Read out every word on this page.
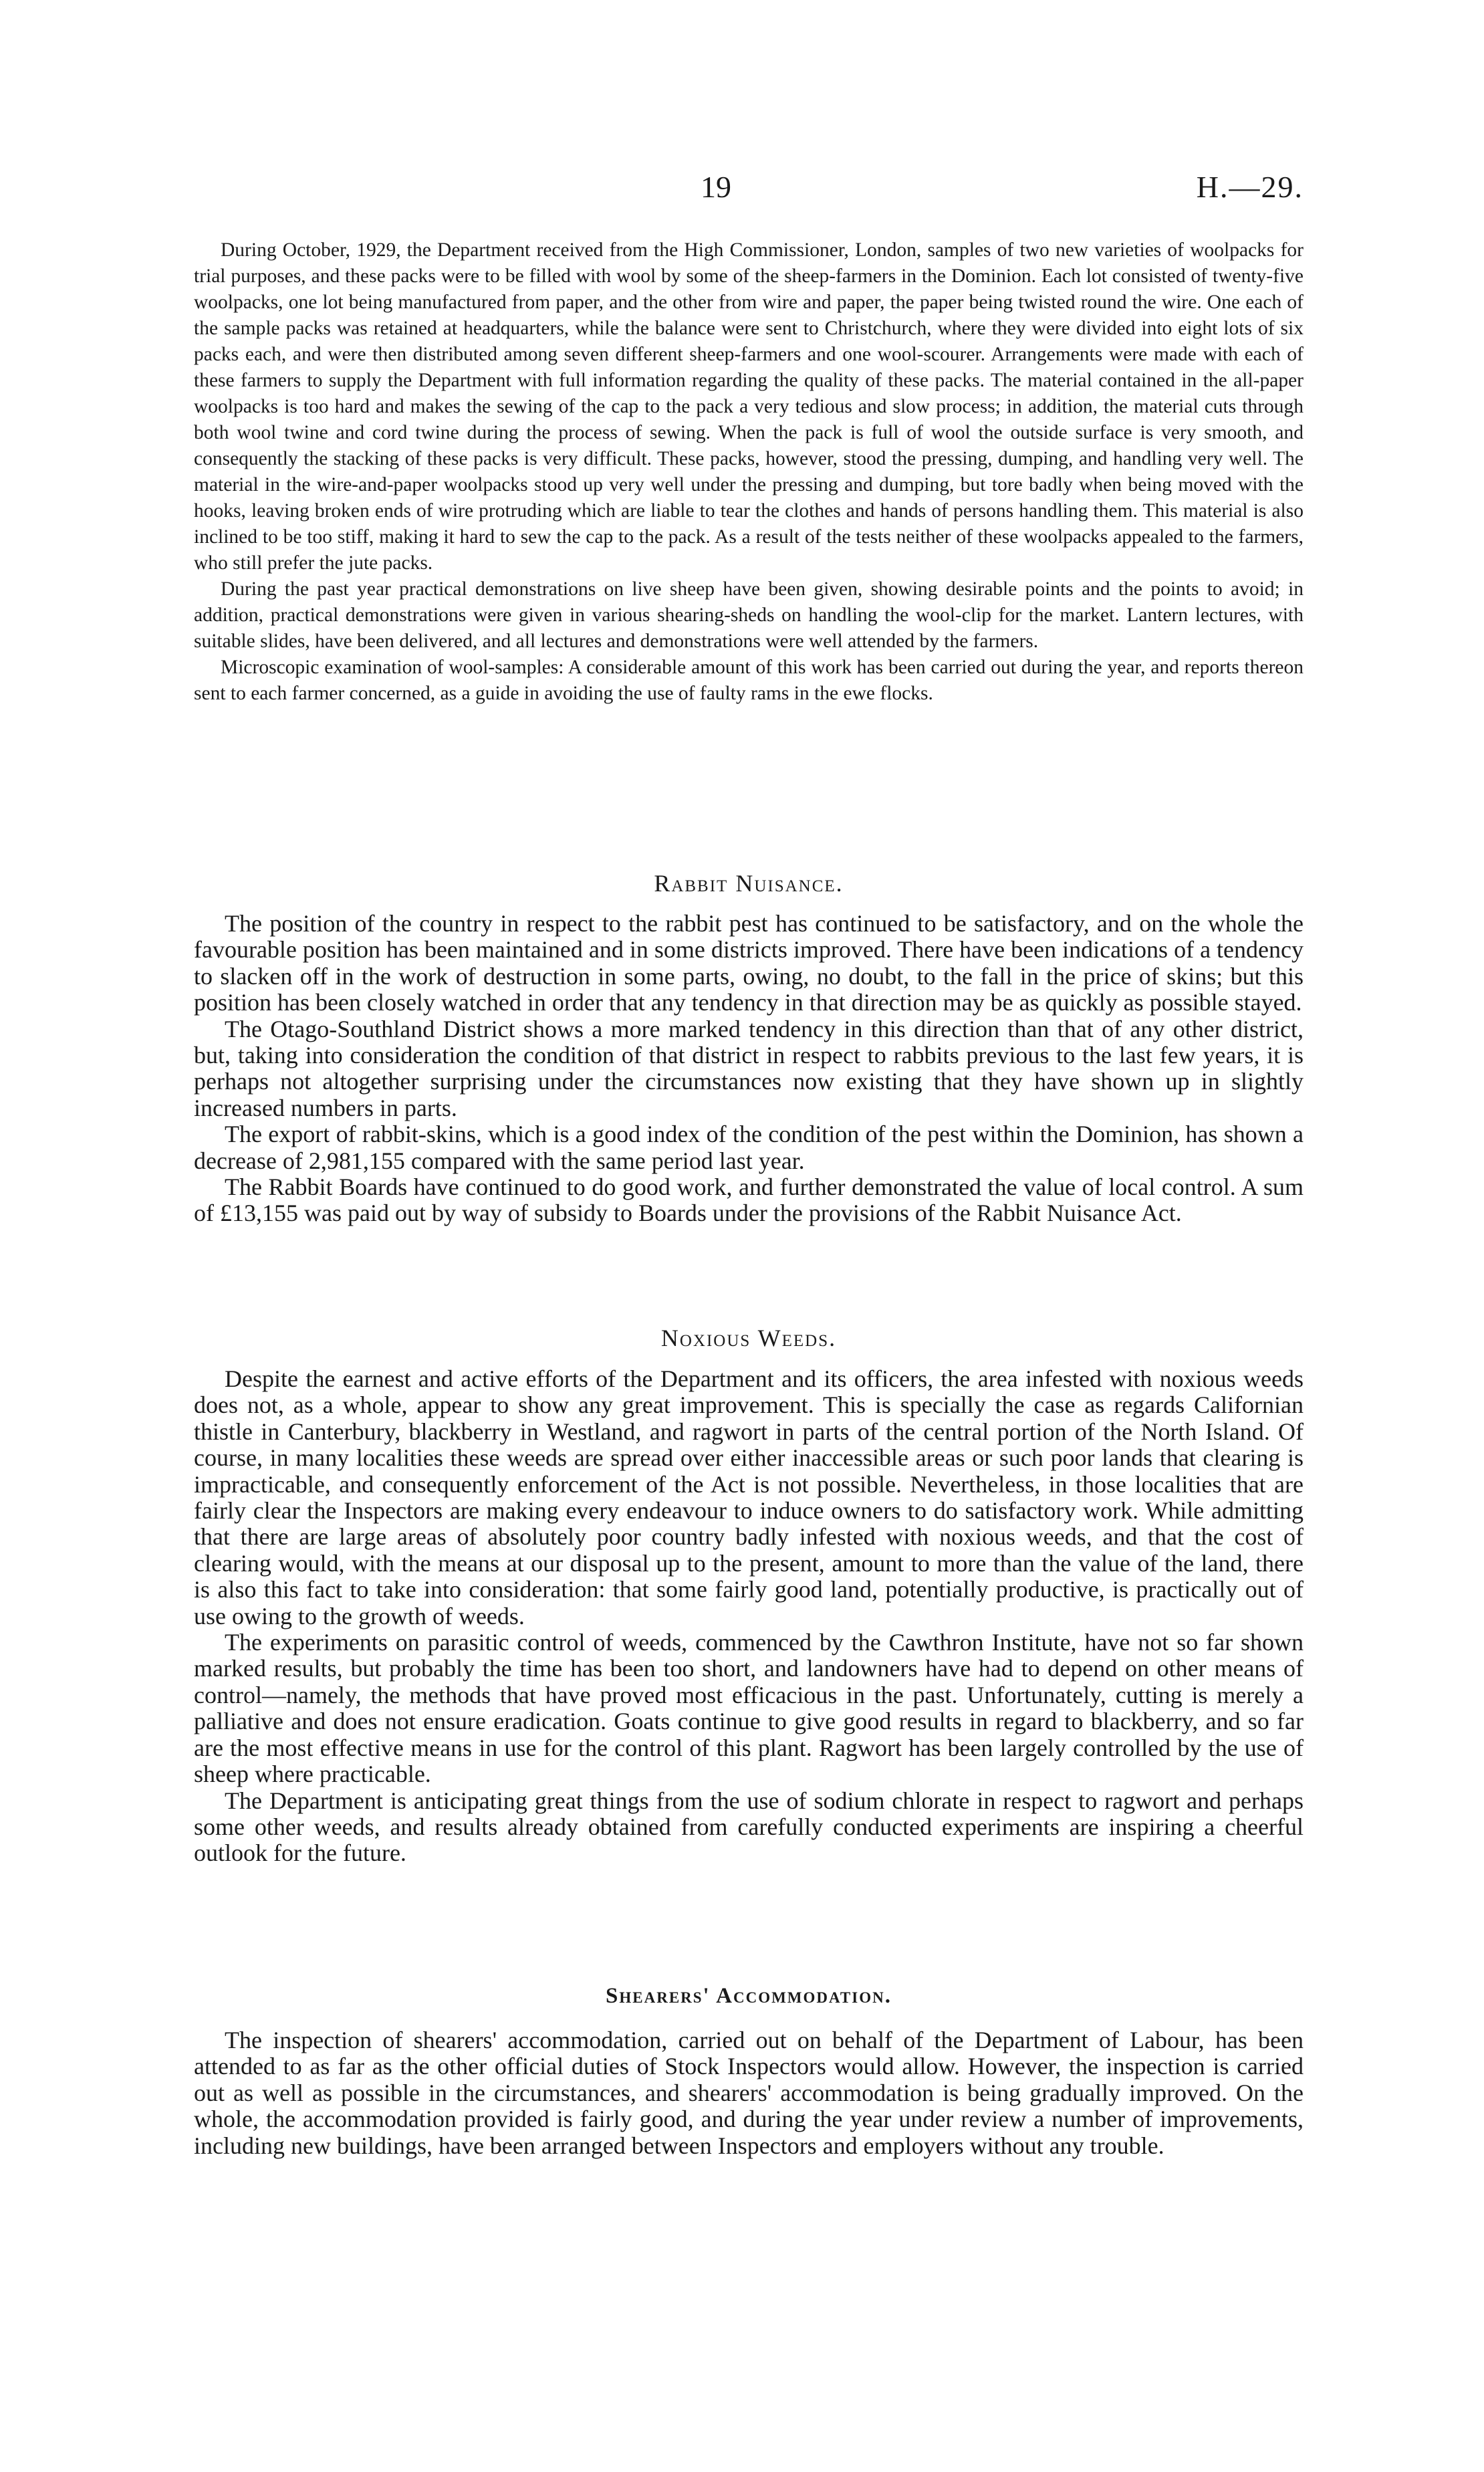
19	H.—29.

During October, 1929, the Department received from the High Commissioner, London, samples of two new varieties of woolpacks for trial purposes, and these packs were to be filled with wool by some of the sheep-farmers in the Dominion. Each lot consisted of twenty-five woolpacks, one lot being manufactured from paper, and the other from wire and paper, the paper being twisted round the wire. One each of the sample packs was retained at headquarters, while the balance were sent to Christchurch, where they were divided into eight lots of six packs each, and were then distributed among seven different sheep-farmers and one wool-scourer. Arrangements were made with each of these farmers to supply the Department with full information regarding the quality of these packs. The material contained in the all-paper woolpacks is too hard and makes the sewing of the cap to the pack a very tedious and slow process; in addition, the material cuts through both wool twine and cord twine during the process of sewing. When the pack is full of wool the outside surface is very smooth, and consequently the stacking of these packs is very difficult. These packs, however, stood the pressing, dumping, and handling very well. The material in the wire-and-paper woolpacks stood up very well under the pressing and dumping, but tore badly when being moved with the hooks, leaving broken ends of wire protruding which are liable to tear the clothes and hands of persons handling them. This material is also inclined to be too stiff, making it hard to sew the cap to the pack. As a result of the tests neither of these woolpacks appealed to the farmers, who still prefer the jute packs.

During the past year practical demonstrations on live sheep have been given, showing desirable points and the points to avoid; in addition, practical demonstrations were given in various shearing-sheds on handling the wool-clip for the market. Lantern lectures, with suitable slides, have been delivered, and all lectures and demonstrations were well attended by the farmers.

Microscopic examination of wool-samples: A considerable amount of this work has been carried out during the year, and reports thereon sent to each farmer concerned, as a guide in avoiding the use of faulty rams in the ewe flocks.

Rabbit Nuisance.

The position of the country in respect to the rabbit pest has continued to be satisfactory, and on the whole the favourable position has been maintained and in some districts improved. There have been indications of a tendency to slacken off in the work of destruction in some parts, owing, no doubt, to the fall in the price of skins; but this position has been closely watched in order that any tendency in that direction may be as quickly as possible stayed.

The Otago-Southland District shows a more marked tendency in this direction than that of any other district, but, taking into consideration the condition of that district in respect to rabbits previous to the last few years, it is perhaps not altogether surprising under the circumstances now existing that they have shown up in slightly increased numbers in parts.

The export of rabbit-skins, which is a good index of the condition of the pest within the Dominion, has shown a decrease of 2,981,155 compared with the same period last year.

The Rabbit Boards have continued to do good work, and further demonstrated the value of local control. A sum of £13,155 was paid out by way of subsidy to Boards under the provisions of the Rabbit Nuisance Act.

Noxious Weeds.

Despite the earnest and active efforts of the Department and its officers, the area infested with noxious weeds does not, as a whole, appear to show any great improvement. This is specially the case as regards Californian thistle in Canterbury, blackberry in Westland, and ragwort in parts of the central portion of the North Island. Of course, in many localities these weeds are spread over either inaccessible areas or such poor lands that clearing is impracticable, and consequently enforcement of the Act is not possible. Nevertheless, in those localities that are fairly clear the Inspectors are making every endeavour to induce owners to do satisfactory work. While admitting that there are large areas of absolutely poor country badly infested with noxious weeds, and that the cost of clearing would, with the means at our disposal up to the present, amount to more than the value of the land, there is also this fact to take into consideration: that some fairly good land, potentially productive, is practically out of use owing to the growth of weeds.

The experiments on parasitic control of weeds, commenced by the Cawthron Institute, have not so far shown marked results, but probably the time has been too short, and landowners have had to depend on other means of control—namely, the methods that have proved most efficacious in the past. Unfortunately, cutting is merely a palliative and does not ensure eradication. Goats continue to give good results in regard to blackberry, and so far are the most effective means in use for the control of this plant. Ragwort has been largely controlled by the use of sheep where practicable.

The Department is anticipating great things from the use of sodium chlorate in respect to ragwort and perhaps some other weeds, and results already obtained from carefully conducted experiments are inspiring a cheerful outlook for the future.

Shearers' Accommodation.

The inspection of shearers' accommodation, carried out on behalf of the Department of Labour, has been attended to as far as the other official duties of Stock Inspectors would allow. However, the inspection is carried out as well as possible in the circumstances, and shearers' accommodation is being gradually improved. On the whole, the accommodation provided is fairly good, and during the year under review a number of improvements, including new buildings, have been arranged between Inspectors and employers without any trouble.
